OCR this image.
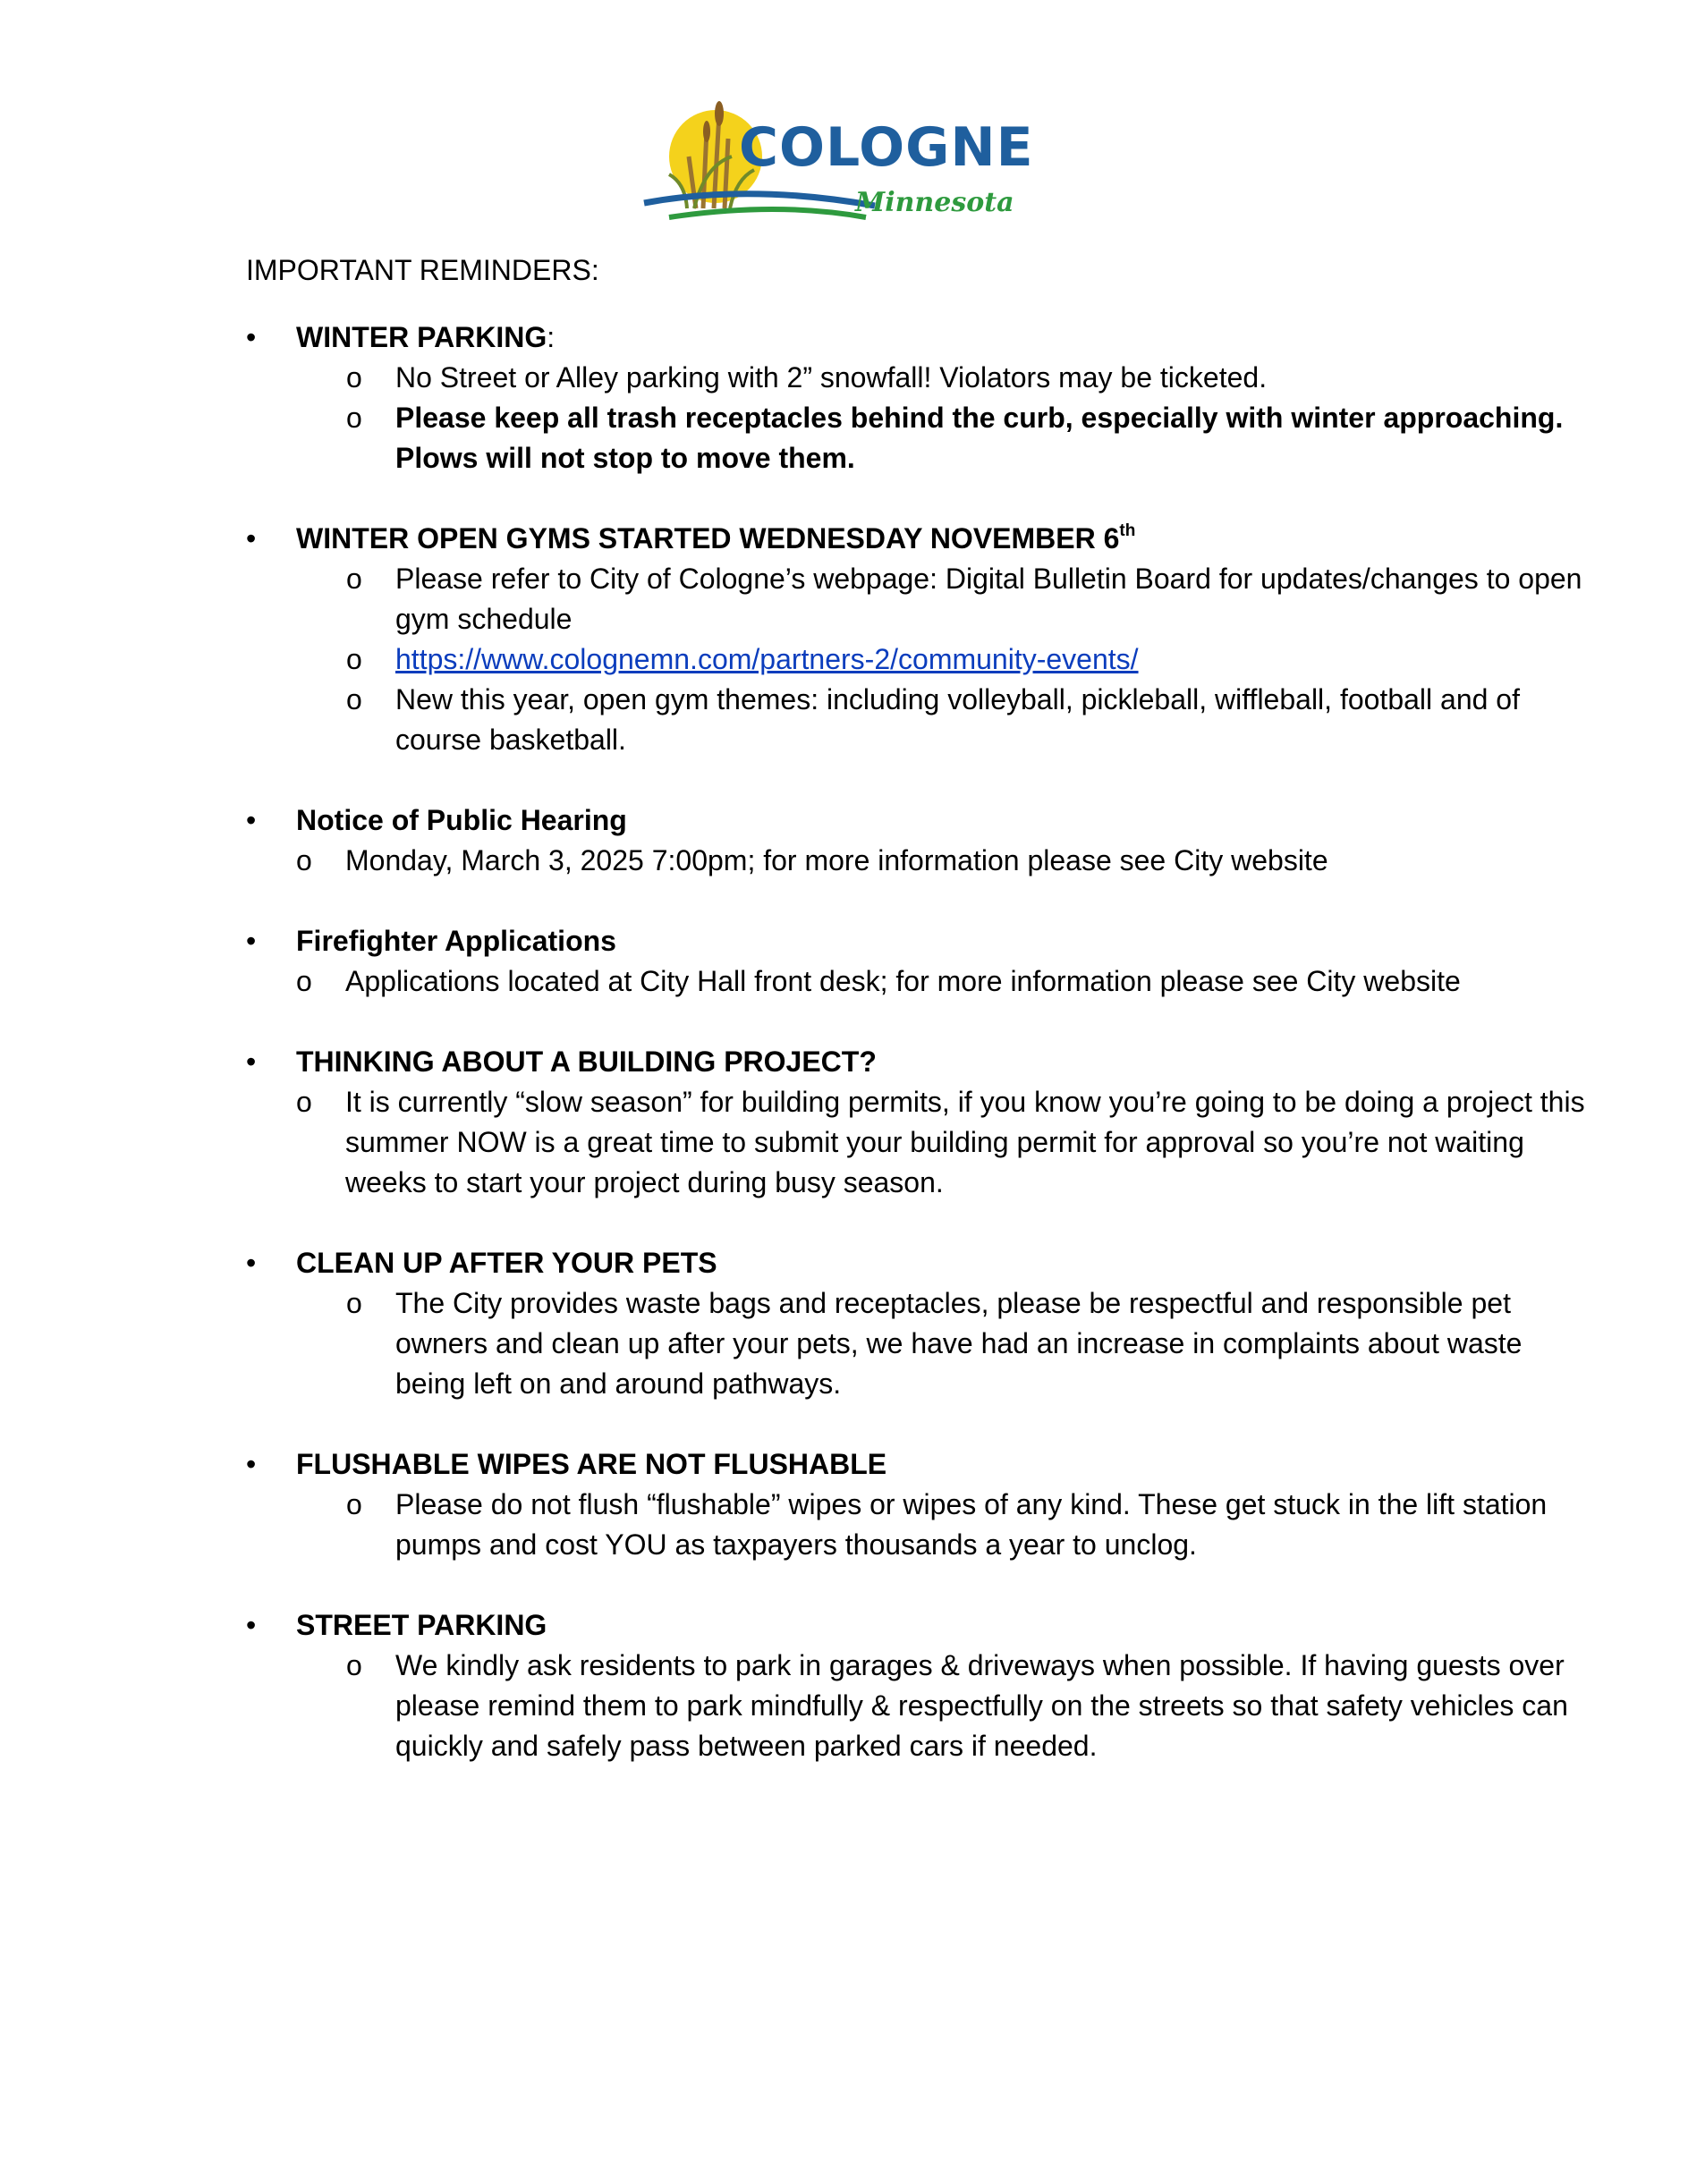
COLOGNE
Minnesota
IMPORTANT REMINDERS:
• WINTER PARKING:
o No Street or Alley parking with 2” snowfall! Violators may be ticketed.
o Please keep all trash receptacles behind the curb, especially with winter approaching. Plows will not stop to move them.
• WINTER OPEN GYMS STARTED WEDNESDAY NOVEMBER 6th
o Please refer to City of Cologne’s webpage: Digital Bulletin Board for updates/changes to open gym schedule
o https://www.colognemn.com/partners-2/community-events/
o New this year, open gym themes: including volleyball, pickleball, wiffleball, football and of course basketball.
• Notice of Public Hearing
o Monday, March 3, 2025 7:00pm; for more information please see City website
• Firefighter Applications
o Applications located at City Hall front desk; for more information please see City website
• THINKING ABOUT A BUILDING PROJECT?
o It is currently “slow season” for building permits, if you know you’re going to be doing a project this summer NOW is a great time to submit your building permit for approval so you’re not waiting weeks to start your project during busy season.
• CLEAN UP AFTER YOUR PETS
o The City provides waste bags and receptacles, please be respectful and responsible pet owners and clean up after your pets, we have had an increase in complaints about waste being left on and around pathways.
• FLUSHABLE WIPES ARE NOT FLUSHABLE
o Please do not flush “flushable” wipes or wipes of any kind. These get stuck in the lift station pumps and cost YOU as taxpayers thousands a year to unclog.
• STREET PARKING
o We kindly ask residents to park in garages & driveways when possible. If having guests over please remind them to park mindfully & respectfully on the streets so that safety vehicles can quickly and safely pass between parked cars if needed.
